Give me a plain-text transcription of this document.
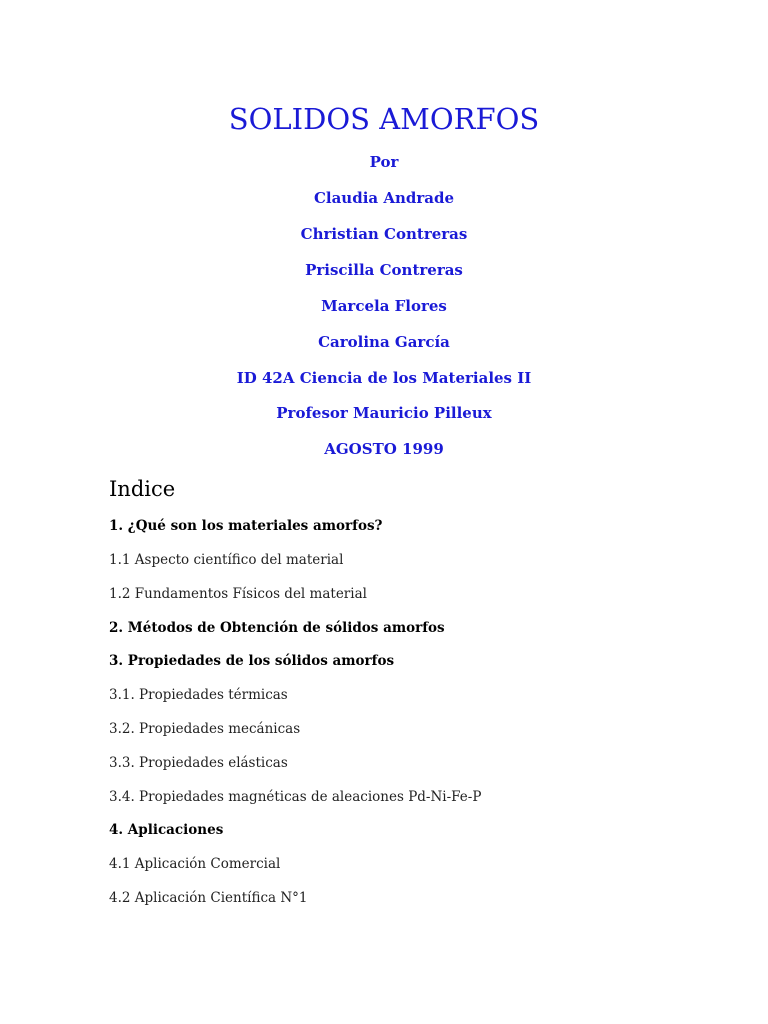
SOLIDOS AMORFOS

Por

Claudia Andrade

Christian Contreras

Priscilla Contreras

Marcela Flores

Carolina García

ID 42A Ciencia de los Materiales II

Profesor Mauricio Pilleux

AGOSTO 1999

Indice

1. ¿Qué son los materiales amorfos?

1.1 Aspecto científico del material

1.2 Fundamentos Físicos del material

2. Métodos de Obtención de sólidos amorfos

3. Propiedades de los sólidos amorfos

3.1. Propiedades térmicas

3.2. Propiedades mecánicas

3.3. Propiedades elásticas

3.4. Propiedades magnéticas de aleaciones Pd-Ni-Fe-P

4. Aplicaciones

4.1 Aplicación Comercial

4.2 Aplicación Científica N°1
